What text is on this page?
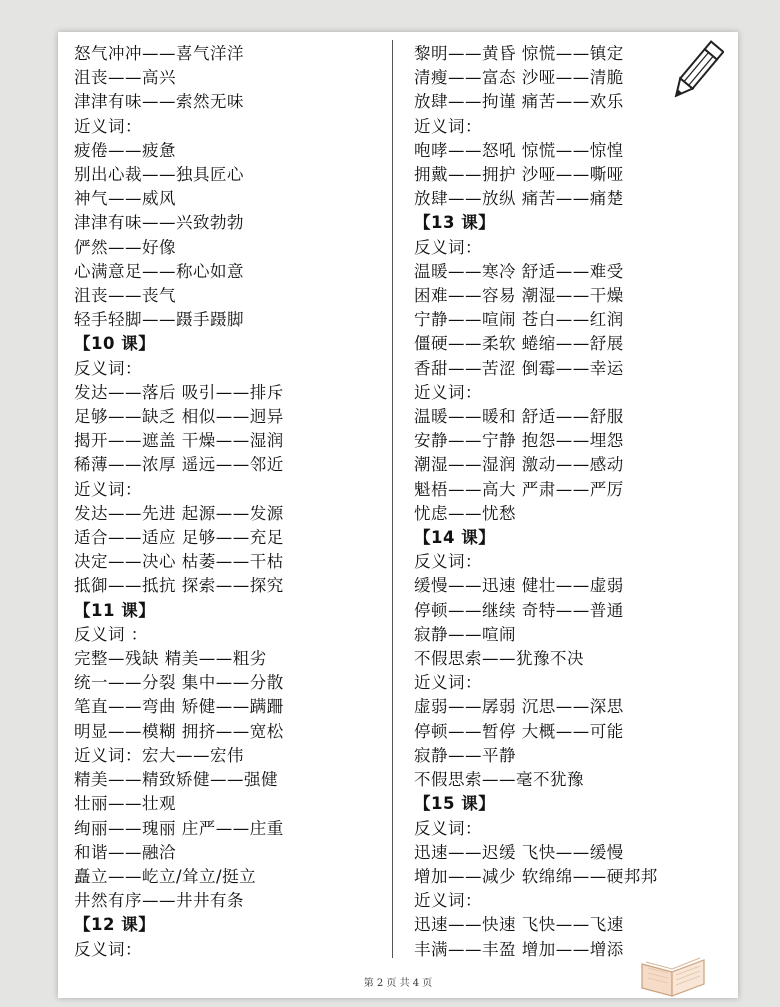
怒气冲冲——喜气洋洋
沮丧——高兴
津津有味——索然无味
近义词：
疲倦——疲惫
别出心裁——独具匠心
神气——威风
津津有味——兴致勃勃
俨然——好像
心满意足——称心如意
沮丧——丧气
轻手轻脚——蹑手蹑脚
【10 课】
反义词：
发达——落后 吸引——排斥
足够——缺乏 相似——迥异
揭开——遮盖 干燥——湿润
稀薄——浓厚 遥远——邻近
近义词：
发达——先进 起源——发源
适合——适应 足够——充足
决定——决心 枯萎——干枯
抵御——抵抗 探索——探究
【11 课】
反义词 ：
完整—残缺 精美——粗劣
统一——分裂 集中——分散
笔直——弯曲 矫健——蹒跚
明显——模糊 拥挤——宽松
近义词：宏大——宏伟
精美——精致矫健——强健
壮丽——壮观
绚丽——瑰丽 庄严——庄重
和谐——融洽
矗立——屹立/耸立/挺立
井然有序——井井有条
【12 课】
反义词：
黎明——黄昏 惊慌——镇定
清瘦——富态 沙哑——清脆
放肆——拘谨 痛苦——欢乐
近义词：
咆哮——怒吼 惊慌——惊惶
拥戴——拥护 沙哑——嘶哑
放肆——放纵 痛苦——痛楚
【13 课】
反义词：
温暖——寒冷 舒适——难受
困难——容易 潮湿——干燥
宁静——喧闹 苍白——红润
僵硬——柔软 蜷缩——舒展
香甜——苦涩 倒霉——幸运
近义词：
温暖——暖和 舒适——舒服
安静——宁静 抱怨——埋怨
潮湿——湿润 激动——感动
魁梧——高大 严肃——严厉
忧虑——忧愁
【14 课】
反义词：
缓慢——迅速 健壮——虚弱
停顿——继续 奇特——普通
寂静——喧闹
不假思索——犹豫不决
近义词：
虚弱——孱弱 沉思——深思
停顿——暂停 大概——可能
寂静——平静
不假思索——毫不犹豫
【15 课】
反义词：
迅速——迟缓 飞快——缓慢
增加——减少 软绵绵——硬邦邦
近义词：
迅速——快速 飞快——飞速
丰满——丰盈 增加——增添
第 2 页 共 4 页
